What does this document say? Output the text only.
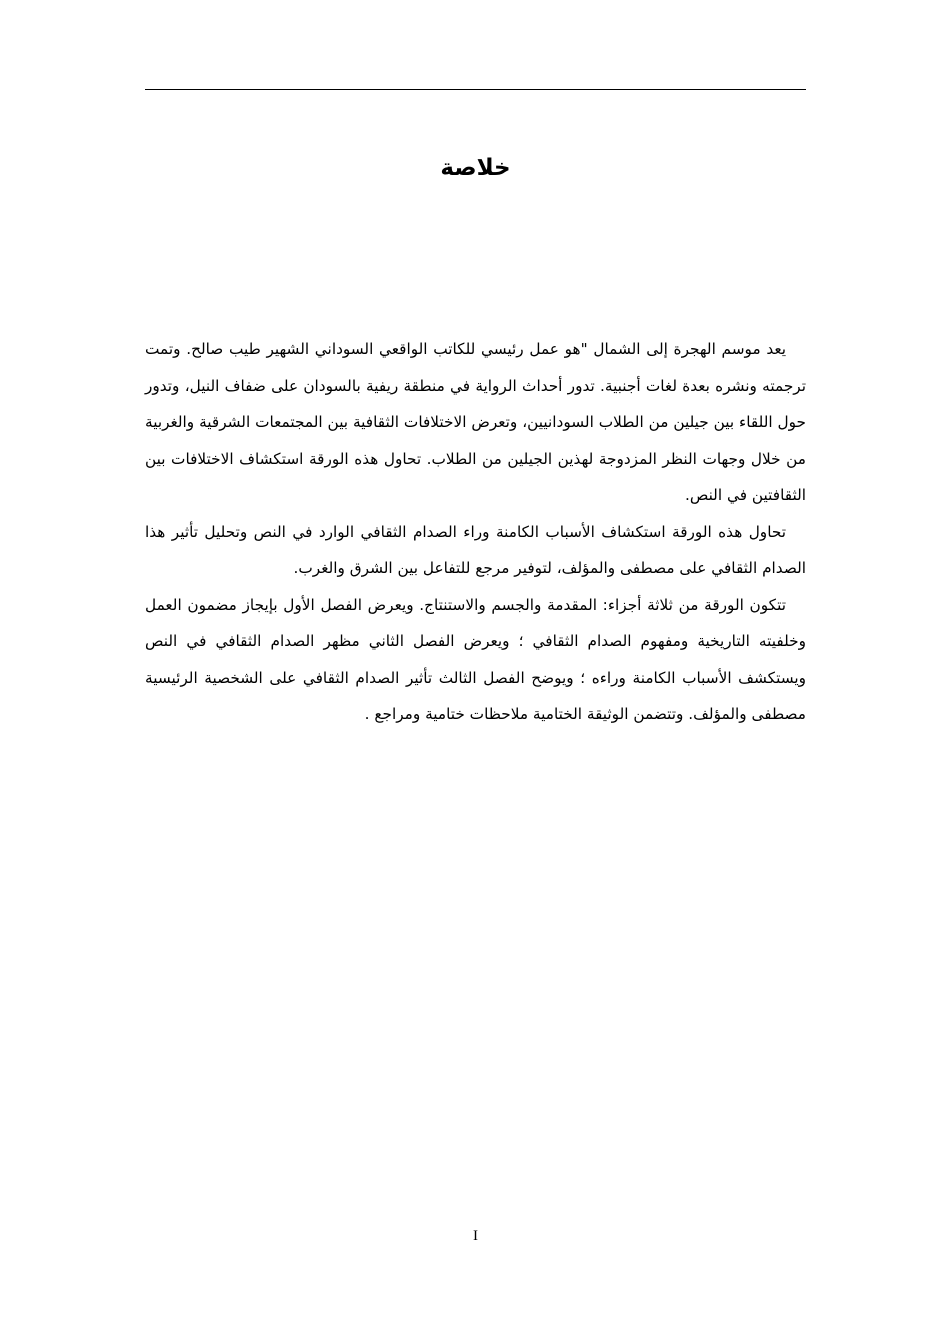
خلاصة

يعد موسم الهجرة إلى الشمال "هو عمل رئيسي للكاتب الواقعي السوداني الشهير طيب صالح. وتمت ترجمته ونشره بعدة لغات أجنبية. تدور أحداث الرواية في منطقة ريفية بالسودان على ضفاف النيل، وتدور حول اللقاء بين جيلين من الطلاب السودانيين، وتعرض الاختلافات الثقافية بين المجتمعات الشرقية والغربية من خلال وجهات النظر المزدوجة لهذين الجيلين من الطلاب. تحاول هذه الورقة استكشاف الاختلافات بين الثقافتين في النص.

تحاول هذه الورقة استكشاف الأسباب الكامنة وراء الصدام الثقافي الوارد في النص وتحليل تأثير هذا الصدام الثقافي على مصطفى والمؤلف، لتوفير مرجع للتفاعل بين الشرق والغرب.

تتكون الورقة من ثلاثة أجزاء: المقدمة والجسم والاستنتاج. ويعرض الفصل الأول بإيجاز مضمون العمل وخلفيته التاريخية ومفهوم الصدام الثقافي ؛ ويعرض الفصل الثاني مظهر الصدام الثقافي في النص ويستكشف الأسباب الكامنة وراءه ؛ ويوضح الفصل الثالث تأثير الصدام الثقافي على الشخصية الرئيسية مصطفى والمؤلف. وتتضمن الوثيقة الختامية ملاحظات ختامية ومراجع .

I
